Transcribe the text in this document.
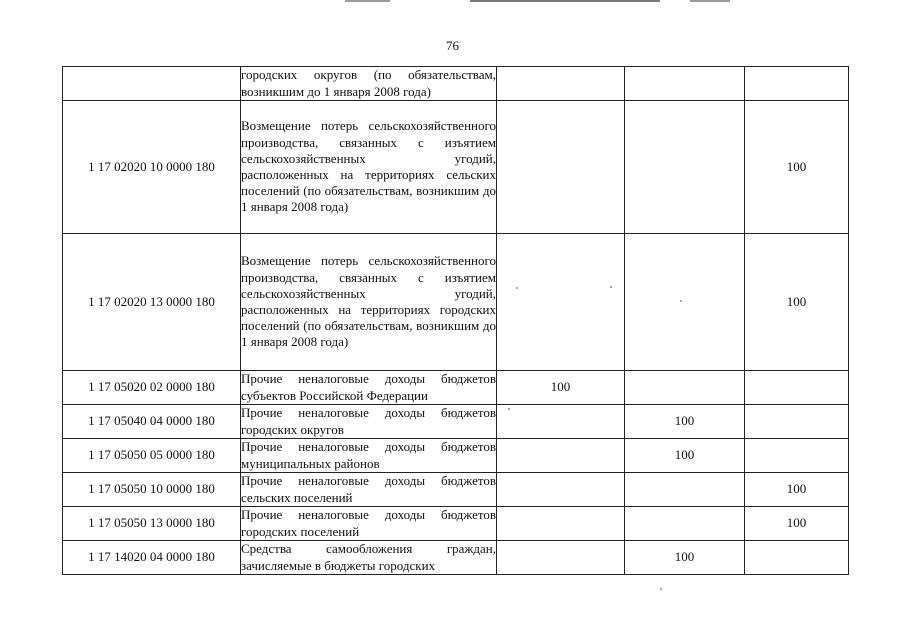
76
	городских округов (по обязательствам, возникшим до 1 января 2008 года)			
1 17 02020 10 0000 180	Возмещение потерь сельскохозяйственного производства, связанных с изъятием сельскохозяйственных угодий, расположенных на территориях сельских поселений (по обязательствам, возникшим до 1 января 2008 года)			100
1 17 02020 13 0000 180	Возмещение потерь сельскохозяйственного производства, связанных с изъятием сельскохозяйственных угодий, расположенных на территориях городских поселений (по обязательствам, возникшим до 1 января 2008 года)			100
1 17 05020 02 0000 180	Прочие неналоговые доходы бюджетов субъектов Российской Федерации	100		
1 17 05040 04 0000 180	Прочие неналоговые доходы бюджетов городских округов		100	
1 17 05050 05 0000 180	Прочие неналоговые доходы бюджетов муниципальных районов		100	
1 17 05050 10 0000 180	Прочие неналоговые доходы бюджетов сельских поселений			100
1 17 05050 13 0000 180	Прочие неналоговые доходы бюджетов городских поселений			100
1 17 14020 04 0000 180	Средства самообложения граждан, зачисляемые в бюджеты городских		100	
